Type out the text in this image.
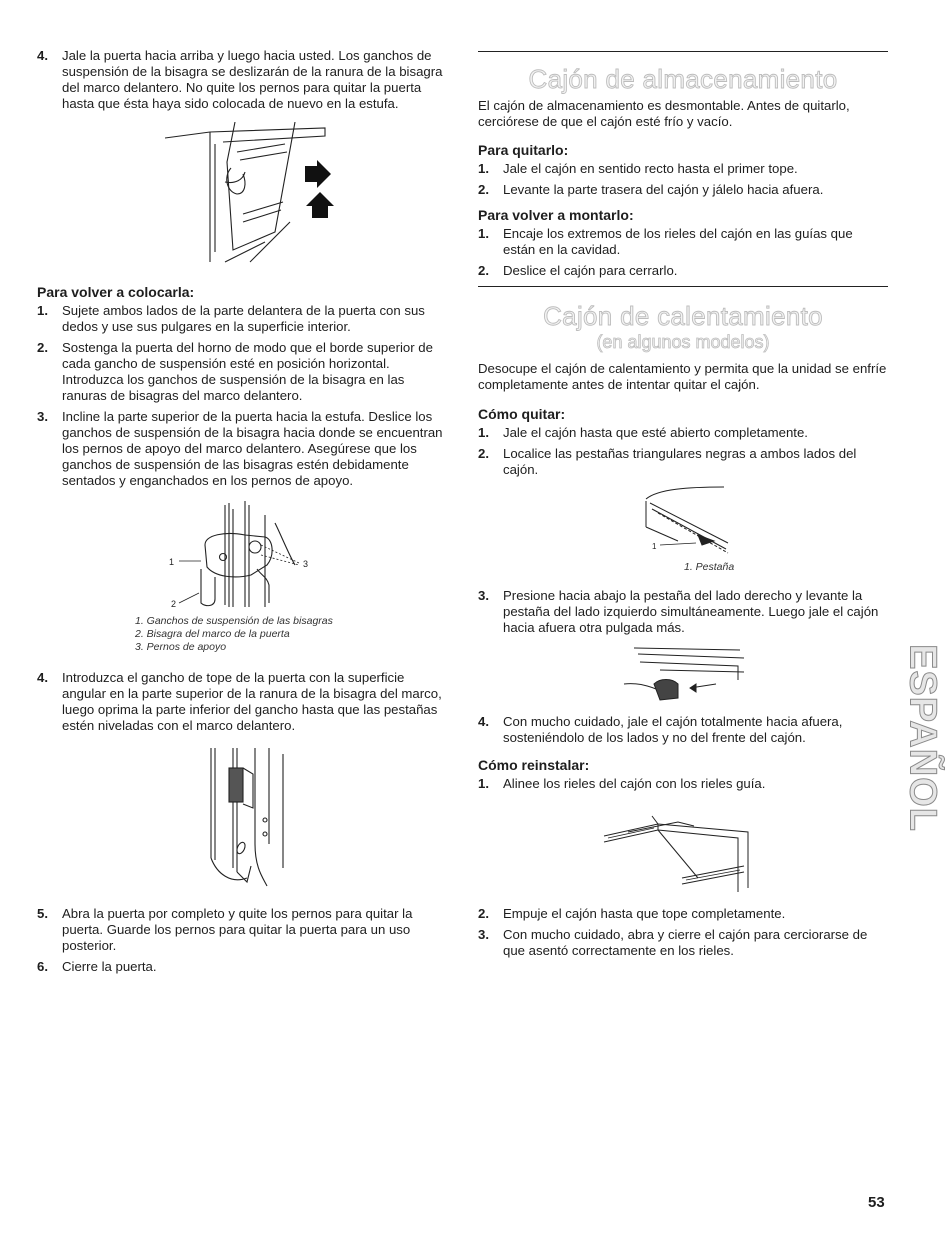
4. Jale la puerta hacia arriba y luego hacia usted. Los ganchos de suspensión de la bisagra se deslizarán de la ranura de la bisagra del marco delantero. No quite los pernos para quitar la puerta hasta que ésta haya sido colocada de nuevo en la estufa.
Para volver a colocarla:
1. Sujete ambos lados de la parte delantera de la puerta con sus dedos y use sus pulgares en la superficie interior.
2. Sostenga la puerta del horno de modo que el borde superior de cada gancho de suspensión esté en posición horizontal. Introduzca los ganchos de suspensión de la bisagra en las ranuras de bisagras del marco delantero.
3. Incline la parte superior de la puerta hacia la estufa. Deslice los ganchos de suspensión de la bisagra hacia donde se encuentran los pernos de apoyo del marco delantero. Asegúrese que los ganchos de suspensión de las bisagras estén debidamente sentados y enganchados en los pernos de apoyo.
1
2
3

1. Ganchos de suspensión de las bisagras

2. Bisagra del marco de la puerta

3. Pernos de apoyo

4. Introduzca el gancho de tope de la puerta con la superficie angular en la parte superior de la ranura de la bisagra del marco, luego oprima la parte inferior del gancho hasta que las pestañas estén niveladas con el marco delantero.
5. Abra la puerta por completo y quite los pernos para quitar la puerta. Guarde los pernos para quitar la puerta para un uso posterior.
6. Cierre la puerta.
Cajón de almacenamiento

El cajón de almacenamiento es desmontable. Antes de quitarlo, cerciórese de que el cajón esté frío y vacío.

Para quitarlo:
1. Jale el cajón en sentido recto hasta el primer tope.
2. Levante la parte trasera del cajón y jálelo hacia afuera.
Para volver a montarlo:
1. Encaje los extremos de los rieles del cajón en las guías que están en la cavidad.
2. Deslice el cajón para cerrarlo.
Cajón de calentamiento

(en algunos modelos)

Desocupe el cajón de calentamiento y permita que la unidad se enfríe completamente antes de intentar quitar el cajón.

Cómo quitar:
1. Jale el cajón hasta que esté abierto completamente.
2. Localice las pestañas triangulares negras a ambos lados del cajón.
1

1. Pestaña

3. Presione hacia abajo la pestaña del lado derecho y levante la pestaña del lado izquierdo simultáneamente. Luego jale el cajón hacia afuera otra pulgada más.
4. Con mucho cuidado, jale el cajón totalmente hacia afuera, sosteniéndolo de los lados y no del frente del cajón.
Cómo reinstalar:
1. Alinee los rieles del cajón con los rieles guía.
2. Empuje el cajón hasta que tope completamente.
3. Con mucho cuidado, abra y cierre el cajón para cerciorarse de que asentó correctamente en los rieles.
ESPAÑOL
53
